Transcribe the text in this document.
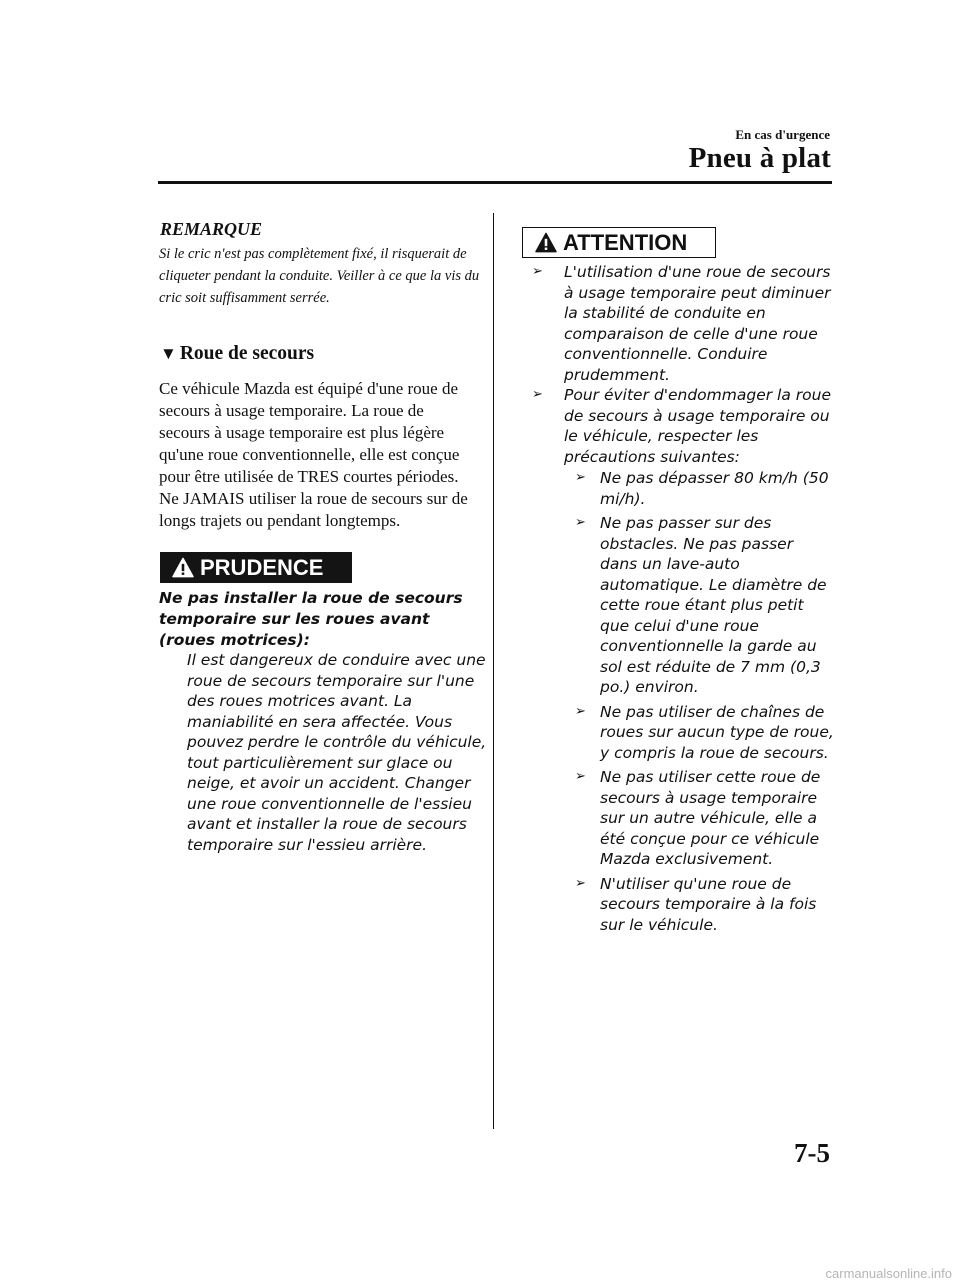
En cas d'urgence
Pneu à plat
REMARQUE
Si le cric n'est pas complètement fixé, il risquerait de cliqueter pendant la conduite. Veiller à ce que la vis du cric soit suffisamment serrée.
▼ Roue de secours
Ce véhicule Mazda est équipé d'une roue de secours à usage temporaire. La roue de secours à usage temporaire est plus légère qu'une roue conventionnelle, elle est conçue pour être utilisée de TRES courtes périodes. Ne JAMAIS utiliser la roue de secours sur de longs trajets ou pendant longtemps.
PRUDENCE
Ne pas installer la roue de secours temporaire sur les roues avant (roues motrices):
Il est dangereux de conduire avec une roue de secours temporaire sur l'une des roues motrices avant. La maniabilité en sera affectée. Vous pouvez perdre le contrôle du véhicule, tout particulièrement sur glace ou neige, et avoir un accident. Changer une roue conventionnelle de l'essieu avant et installer la roue de secours temporaire sur l'essieu arrière.
ATTENTION
➢ L'utilisation d'une roue de secours à usage temporaire peut diminuer la stabilité de conduite en comparaison de celle d'une roue conventionnelle. Conduire prudemment.
➢ Pour éviter d'endommager la roue de secours à usage temporaire ou le véhicule, respecter les précautions suivantes:
➢ Ne pas dépasser 80 km/h (50 mi/h).
➢ Ne pas passer sur des obstacles. Ne pas passer dans un lave-auto automatique. Le diamètre de cette roue étant plus petit que celui d'une roue conventionnelle la garde au sol est réduite de 7 mm (0,3 po.) environ.
➢ Ne pas utiliser de chaînes de roues sur aucun type de roue, y compris la roue de secours.
➢ Ne pas utiliser cette roue de secours à usage temporaire sur un autre véhicule, elle a été conçue pour ce véhicule Mazda exclusivement.
➢ N'utiliser qu'une roue de secours temporaire à la fois sur le véhicule.
7-5
carmanualsonline.info
